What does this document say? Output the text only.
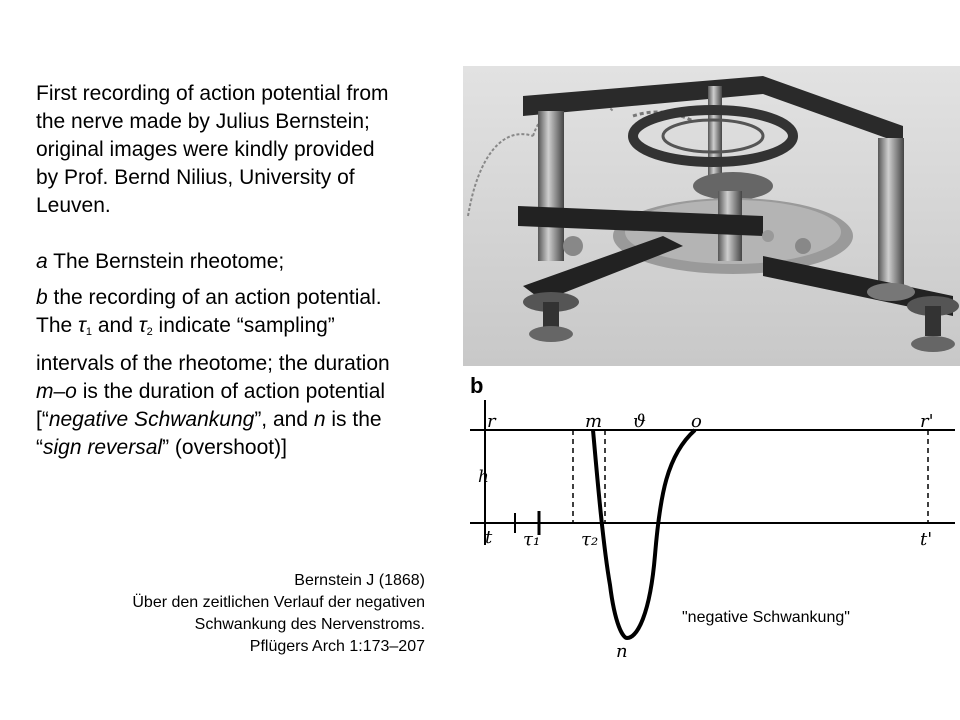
First recording of action potential from

the nerve made by Julius Bernstein;

original images were kindly provided

by Prof. Bernd Nilius, University of

Leuven.

a The Bernstein rheotome;

b the recording of an action potential.

The $\tau_1$ and $\tau_2$ indicate “sampling”

intervals of the rheotome; the duration

m–o is the duration of action potential

[“negative Schwankung”, and n is the

“sign reversal” (overshoot)]

Bernstein J (1868)
Über den zeitlichen Verlauf der negativen
Schwankung des Nervenstroms.
Pflügers Arch 1:173–207
b
r	r'
m ϑ	o
h
t τ₁ τ₂	t'
n
"negative Schwankung"
